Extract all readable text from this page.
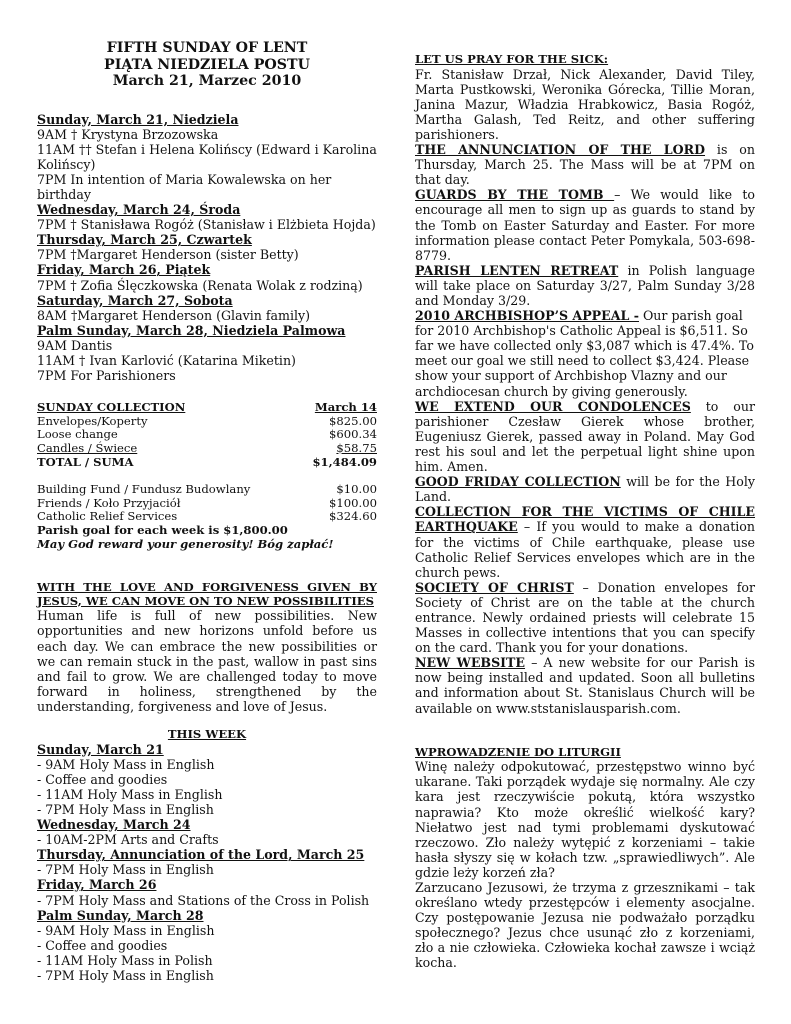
FIFTH SUNDAY OF LENT
PIĄTA NIEDZIELA POSTU
March 21, Marzec 2010
Sunday, March 21, Niedziela
9AM † Krystyna Brzozowska
11AM †† Stefan i Helena Kolińscy (Edward i Karolina Kolińscy)
7PM In intention of Maria Kowalewska on her birthday
Wednesday, March 24, Środa
7PM † Stanisława Rogóż (Stanisław i Elżbieta Hojda)
Thursday, March 25, Czwartek
7PM †Margaret Henderson (sister Betty)
Friday, March 26, Piątek
7PM † Zofia Ślęczkowska (Renata Wolak z rodziną)
Saturday, March 27, Sobota
8AM †Margaret Henderson (Glavin family)
Palm Sunday, March 28, Niedziela Palmowa
9AM Dantis
11AM † Ivan Karlović (Katarina Miketin)
7PM For Parishioners
SUNDAY COLLECTION	March 14
Envelopes/Koperty	$825.00
Loose change	$600.34
Candles / Świece	$58.75
TOTAL / SUMA	$1,484.09

Building Fund / Fundusz Budowlany	$10.00
Friends / Koło Przyjaciół	$100.00
Catholic Relief Services	$324.60
Parish goal for each week is $1,800.00
May God reward your generosity! Bóg zapłać!
WITH THE LOVE AND FORGIVENESS GIVEN BY JESUS, WE CAN MOVE ON TO NEW POSSIBILITIES
Human life is full of new possibilities. New opportunities and new horizons unfold before us each day. We can embrace the new possibilities or we can remain stuck in the past, wallow in past sins and fail to grow. We are challenged today to move forward in holiness, strengthened by the understanding, forgiveness and love of Jesus.
THIS WEEK
Sunday, March 21
- 9AM Holy Mass in English
- Coffee and goodies
- 11AM Holy Mass in English
- 7PM Holy Mass in English
Wednesday, March 24
- 10AM-2PM Arts and Crafts
Thursday, Annunciation of the Lord, March 25
- 7PM Holy Mass in English
Friday, March 26
- 7PM Holy Mass and Stations of the Cross in Polish
Palm Sunday, March 28
- 9AM Holy Mass in English
- Coffee and goodies
- 11AM Holy Mass in Polish
- 7PM Holy Mass in English
LET US PRAY FOR THE SICK:

Fr. Stanisław Drzał, Nick Alexander, David Tiley, Marta Pustkowski, Weronika Górecka, Tillie Moran, Janina Mazur, Władzia Hrabkowicz, Basia Rogóż, Martha Galash, Ted Reitz, and other suffering parishioners.

THE ANNUNCIATION OF THE LORD is on Thursday, March 25. The Mass will be at 7PM on that day.

GUARDS BY THE TOMB – We would like to encourage all men to sign up as guards to stand by the Tomb on Easter Saturday and Easter. For more information please contact Peter Pomykala, 503-698-8779.

PARISH LENTEN RETREAT in Polish language will take place on Saturday 3/27, Palm Sunday 3/28 and Monday 3/29.

2010 ARCHBISHOP’S APPEAL - Our parish goal for 2010 Archbishop's Catholic Appeal is $6,511. So far we have collected only $3,087 which is 47.4%. To meet our goal we still need to collect $3,424. Please show your support of Archbishop Vlazny and our archdiocesan church by giving generously.

WE EXTEND OUR CONDOLENCES to our parishioner Czesław Gierek whose brother, Eugeniusz Gierek, passed away in Poland. May God rest his soul and let the perpetual light shine upon him. Amen.

GOOD FRIDAY COLLECTION will be for the Holy Land.

COLLECTION FOR THE VICTIMS OF CHILE EARTHQUAKE – If you would to make a donation for the victims of Chile earthquake, please use Catholic Relief Services envelopes which are in the church pews.

SOCIETY OF CHRIST – Donation envelopes for Society of Christ are on the table at the church entrance. Newly ordained priests will celebrate 15 Masses in collective intentions that you can specify on the card. Thank you for your donations.

NEW WEBSITE – A new website for our Parish is now being installed and updated. Soon all bulletins and information about St. Stanislaus Church will be available on www.ststanislausparish.com.

WPROWADZENIE DO LITURGII

Winę należy odpokutować, przestępstwo winno być ukarane. Taki porządek wydaje się normalny. Ale czy kara jest rzeczywiście pokutą, która wszystko naprawia? Kto może określić wielkość kary? Niełatwo jest nad tymi problemami dyskutować rzeczowo. Zło należy wytępić z korzeniami – takie hasła słyszy się w kołach tzw. „sprawiedliwych”. Ale gdzie leży korzeń zła?

Zarzucano Jezusowi, że trzyma z grzesznikami – tak określano wtedy przestępców i elementy asocjalne. Czy postępowanie Jezusa nie podważało porządku społecznego? Jezus chce usunąć zło z korzeniami, zło a nie człowieka. Człowieka kochał zawsze i wciąż kocha.
